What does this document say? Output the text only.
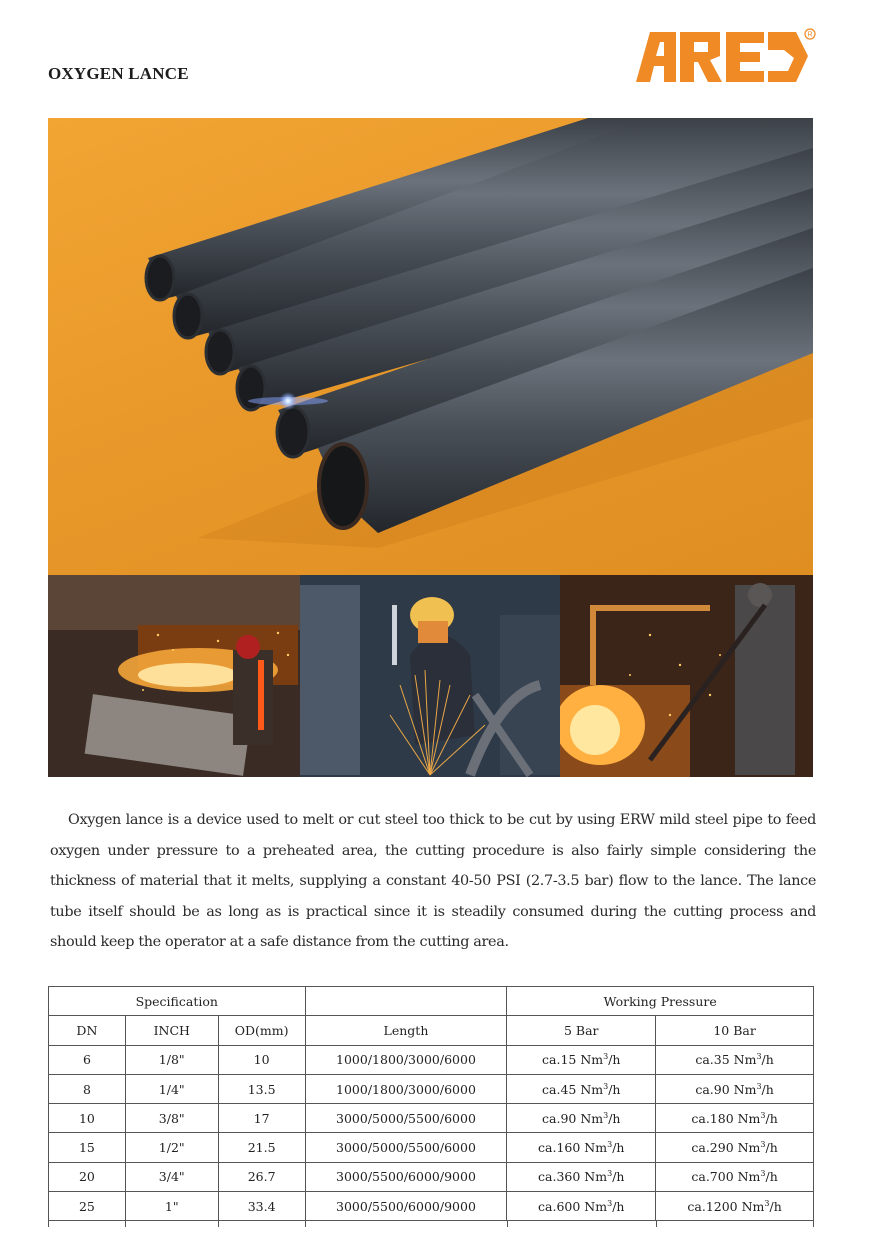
OXYGEN LANCE
R

Oxygen lance is a device used to melt or cut steel too thick to be cut by using ERW mild steel pipe to feed oxygen under pressure to a preheated area, the cutting procedure is also fairly simple considering the thickness of material that it melts, supplying a constant 40-50 PSI (2.7-3.5 bar) flow to the lance. The lance tube itself should be as long as is practical since it is steadily consumed during the cutting process and should keep the operator at a safe distance from the cutting area.

Specification				Working Pressure	
DN	INCH	OD(mm)	Length	5 Bar	10 Bar
6	1/8"	10	1000/1800/3000/6000	ca.15 Nm$^3$/h	ca.35 Nm$^3$/h
8	1/4"	13.5	1000/1800/3000/6000	ca.45 Nm$^3$/h	ca.90 Nm$^3$/h
10	3/8"	17	3000/5000/5500/6000	ca.90 Nm$^3$/h	ca.180 Nm$^3$/h
15	1/2"	21.5	3000/5000/5500/6000	ca.160 Nm$^3$/h	ca.290 Nm$^3$/h
20	3/4"	26.7	3000/5500/6000/9000	ca.360 Nm$^3$/h	ca.700 Nm$^3$/h
25	1"	33.4	3000/5500/6000/9000	ca.600 Nm$^3$/h	ca.1200 Nm$^3$/h
